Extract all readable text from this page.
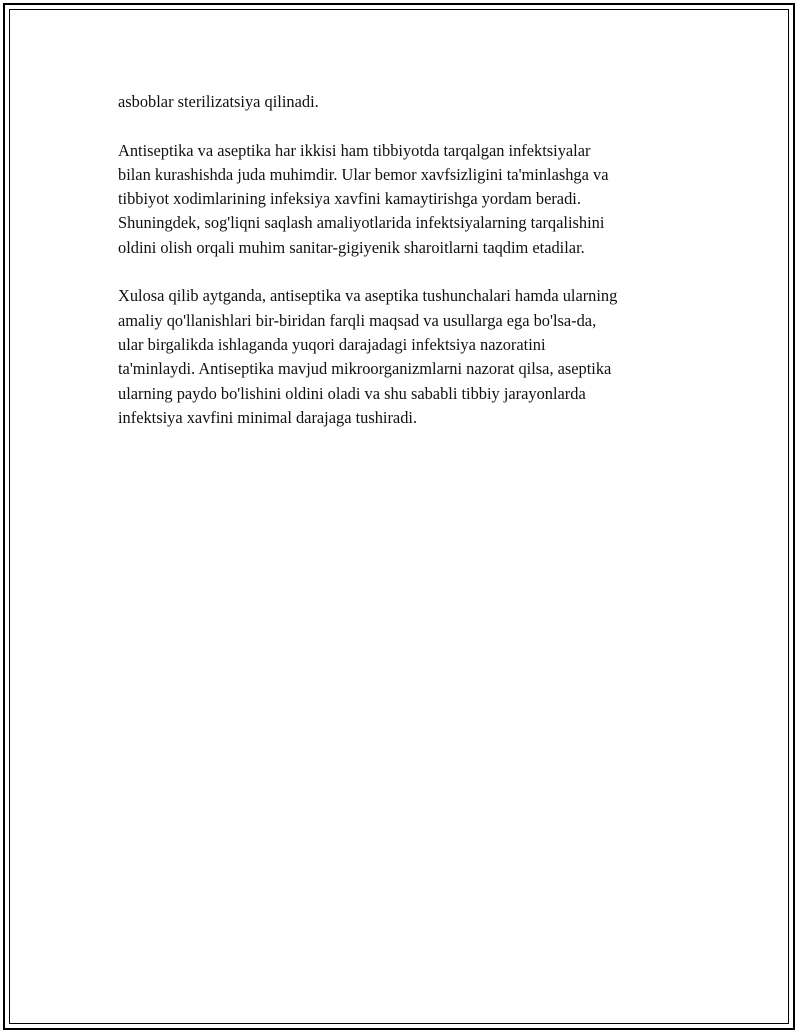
asboblar sterilizatsiya qilinadi.

Antiseptika va aseptika har ikkisi ham tibbiyotda tarqalgan infektsiyalar
bilan kurashishda juda muhimdir. Ular bemor xavfsizligini ta'minlashga va
tibbiyot xodimlarining infeksiya xavfini kamaytirishga yordam beradi.
Shuningdek, sog'liqni saqlash amaliyotlarida infektsiyalarning tarqalishini
oldini olish orqali muhim sanitar-gigiyenik sharoitlarni taqdim etadilar.

Xulosa qilib aytganda, antiseptika va aseptika tushunchalari hamda ularning
amaliy qo'llanishlari bir-biridan farqli maqsad va usullarga ega bo'lsa-da,
ular birgalikda ishlaganda yuqori darajadagi infektsiya nazoratini
ta'minlaydi. Antiseptika mavjud mikroorganizmlarni nazorat qilsa, aseptika
ularning paydo bo'lishini oldini oladi va shu sababli tibbiy jarayonlarda
infektsiya xavfini minimal darajaga tushiradi.
